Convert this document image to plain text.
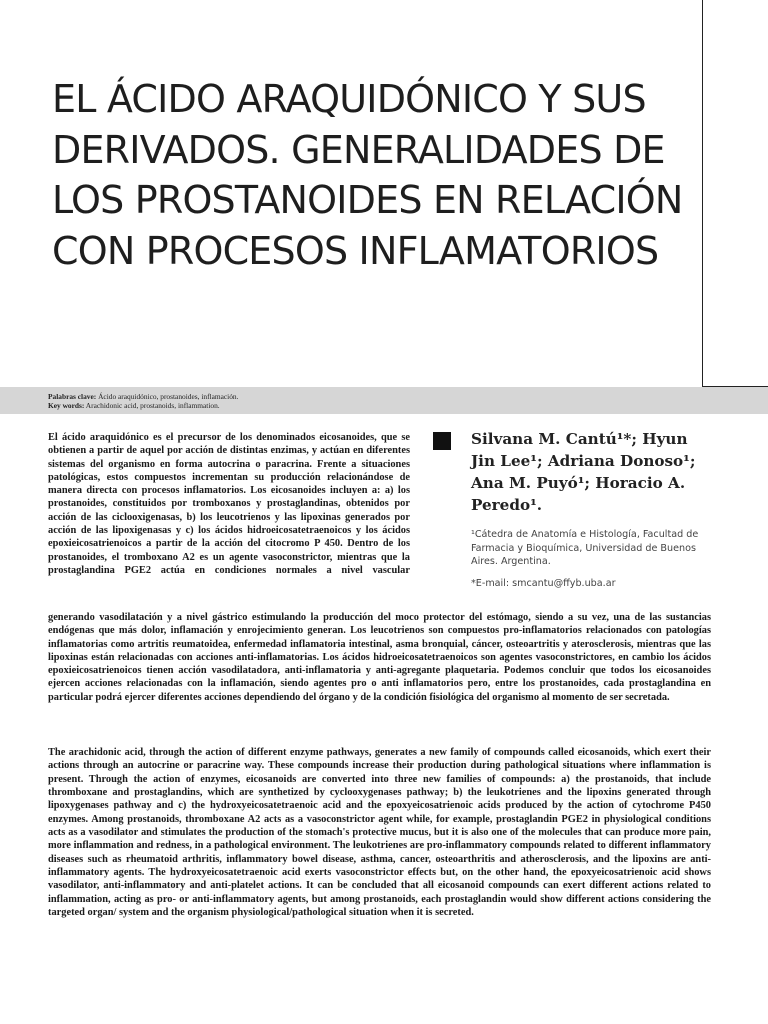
EL ÁCIDO ARAQUIDÓNICO Y SUS DERIVADOS. GENERALIDADES DE LOS PROSTANOIDES EN RELACIÓN CON PROCESOS INFLAMATORIOS
Palabras clave: Ácido araquidónico, prostanoides, inflamación.
Key words: Arachidonic acid, prostanoids, inflammation.

Silvana M. Cantú¹*; Hyun Jin Lee¹; Adriana Donoso¹; Ana M. Puyó¹; Horacio A. Peredo¹.

¹Cátedra de Anatomía e Histología, Facultad de Farmacia y Bioquímica, Universidad de Buenos Aires. Argentina.

*E-mail: smcantu@ffyb.uba.ar

El ácido araquidónico es el precursor de los denominados eicosanoides, que se obtienen a partir de aquel por acción de distintas enzimas, y actúan en diferentes sistemas del organismo en forma autocrina o paracrina. Frente a situaciones patológicas, estos compuestos incrementan su producción relacionándose de manera directa con procesos inflamatorios. Los eicosanoides incluyen a: a) los prostanoides, constituidos por tromboxanos y prostaglandinas, obtenidos por acción de las ciclooxigenasas, b) los leucotrienos y las lipoxinas generados por acción de las lipoxigenasas y c) los ácidos hidroeicosatetraenoicos y los ácidos epoxieicosatrienoicos a partir de la acción del citocromo P 450. Dentro de los prostanoides, el tromboxano A2 es un agente vasoconstrictor, mientras que la prostaglandina PGE2 actúa en condiciones normales a nivel vascular

generando vasodilatación y a nivel gástrico estimulando la producción del moco protector del estómago, siendo a su vez, una de las sustancias endógenas que más dolor, inflamación y enrojecimiento generan. Los leucotrienos son compuestos pro-inflamatorios relacionados con patologías inflamatorias como artritis reumatoidea, enfermedad inflamatoria intestinal, asma bronquial, cáncer, osteoartritis y aterosclerosis, mientras que las lipoxinas están relacionadas con acciones anti-inflamatorias. Los ácidos hidroeicosatetraenoicos son agentes vasoconstrictores, en cambio los ácidos epoxieicosatrienoicos tienen acción vasodilatadora, anti-inflamatoria y anti-agregante plaquetaria. Podemos concluir que todos los eicosanoides ejercen acciones relacionadas con la inflamación, siendo agentes pro o anti inflamatorios pero, entre los prostanoides, cada prostaglandina en particular podrá ejercer diferentes acciones dependiendo del órgano y de la condición fisiológica del organismo al momento de ser secretada.

The arachidonic acid, through the action of different enzyme pathways, generates a new family of compounds called eicosanoids, which exert their actions through an autocrine or paracrine way. These compounds increase their production during pathological situations where inflammation is present. Through the action of enzymes, eicosanoids are converted into three new families of compounds: a) the prostanoids, that include thromboxane and prostaglandins, which are synthetized by cyclooxygenases pathway; b) the leukotrienes and the lipoxins generated through lipoxygenases pathway and c) the hydroxyeicosatetraenoic acid and the epoxyeicosatrienoic acids produced by the action of cytochrome P450 enzymes. Among prostanoids, thromboxane A2 acts as a vasoconstrictor agent while, for example, prostaglandin PGE2 in physiological conditions acts as a vasodilator and stimulates the production of the stomach's protective mucus, but it is also one of the molecules that can produce more pain, more inflammation and redness, in a pathological environment. The leukotrienes are pro-inflammatory compounds related to different inflammatory diseases such as rheumatoid arthritis, inflammatory bowel disease, asthma, cancer, osteoarthritis and atherosclerosis, and the lipoxins are anti-inflammatory agents. The hydroxyeicosatetraenoic acid exerts vasoconstrictor effects but, on the other hand, the epoxyeicosatrienoic acid shows vasodilator, anti-inflammatory and anti-platelet actions. It can be concluded that all eicosanoid compounds can exert different actions related to inflammation, acting as pro- or anti-inflammatory agents, but among prostanoids, each prostaglandin would show different actions considering the targeted organ/ system and the organism physiological/pathological situation when it is secreted.
